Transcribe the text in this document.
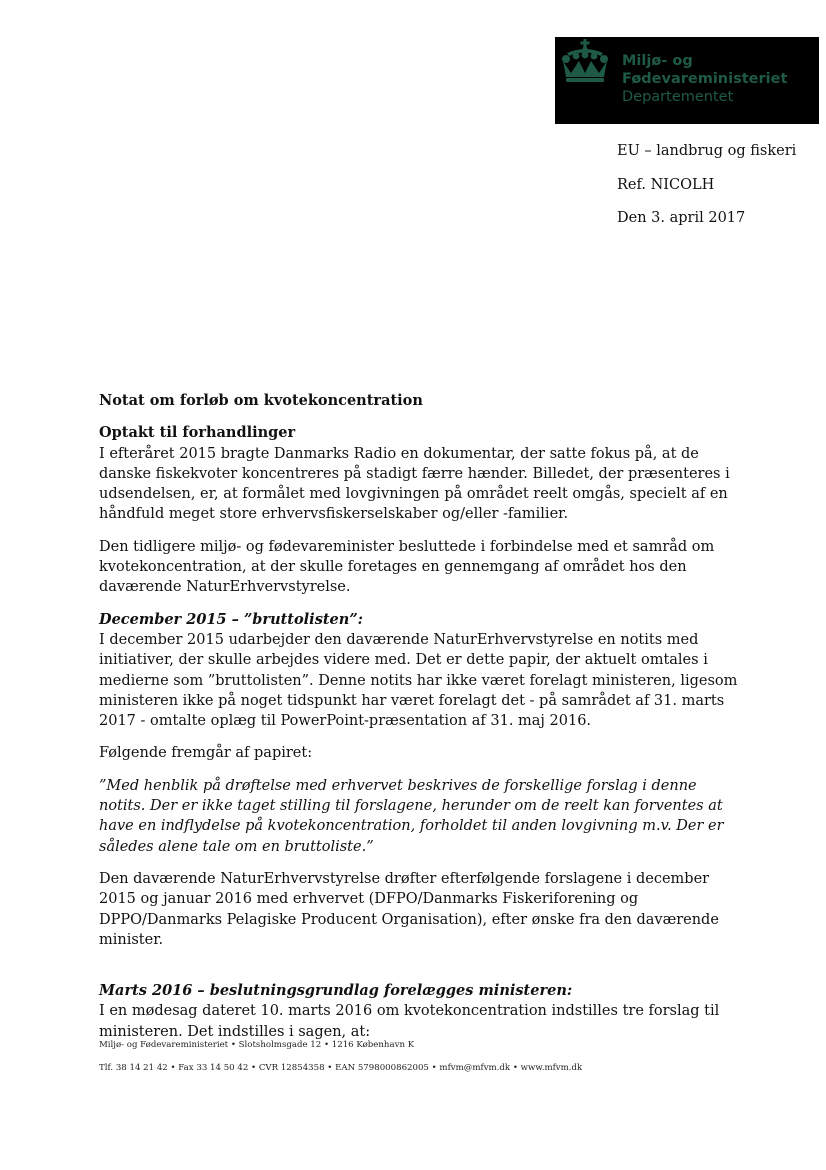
Miljø- og
Fødevareministeriet
Departementet
EU – landbrug og fiskeri
Ref. NICOLH
Den 3. april 2017

Notat om forløb om kvotekoncentration

Optakt til forhandlinger

I efteråret 2015 bragte Danmarks Radio en dokumentar, der satte fokus på, at de danske fiskekvoter koncentreres på stadigt færre hænder. Billedet, der præsenteres i udsendelsen, er, at formålet med lovgivningen på området reelt omgås, specielt af en håndfuld meget store erhvervsfiskerselskaber og/eller -familier.

Den tidligere miljø- og fødevareminister besluttede i forbindelse med et samråd om kvotekoncentration, at der skulle foretages en gennemgang af området hos den daværende NaturErhvervstyrelse.

December 2015 – ”bruttolisten”:

I december 2015 udarbejder den daværende NaturErhvervstyrelse en notits med initiativer, der skulle arbejdes videre med. Det er dette papir, der aktuelt omtales i medierne som ”bruttolisten”. Denne notits har ikke været forelagt ministeren, ligesom ministeren ikke på noget tidspunkt har været forelagt det - på samrådet af 31. marts 2017 - omtalte oplæg til PowerPoint-præsentation af 31. maj 2016.

Følgende fremgår af papiret:

”Med henblik på drøftelse med erhvervet beskrives de forskellige forslag i denne notits. Der er ikke taget stilling til forslagene, herunder om de reelt kan forventes at have en indflydelse på kvotekoncentration, forholdet til anden lovgivning m.v. Der er således alene tale om en bruttoliste.”

Den daværende NaturErhvervstyrelse drøfter efterfølgende forslagene i december 2015 og januar 2016 med erhvervet (DFPO/Danmarks Fiskeriforening og DPPO/Danmarks Pelagiske Producent Organisation), efter ønske fra den daværende minister.

Marts 2016 – beslutningsgrundlag forelægges ministeren:

I en mødesag dateret 10. marts 2016 om kvotekoncentration indstilles tre forslag til ministeren. Det indstilles i sagen, at:

Miljø- og Fødevareministeriet • Slotsholmsgade 12 • 1216 København K
Tlf. 38 14 21 42 • Fax 33 14 50 42 • CVR 12854358 • EAN 5798000862005 • mfvm@mfvm.dk • www.mfvm.dk
